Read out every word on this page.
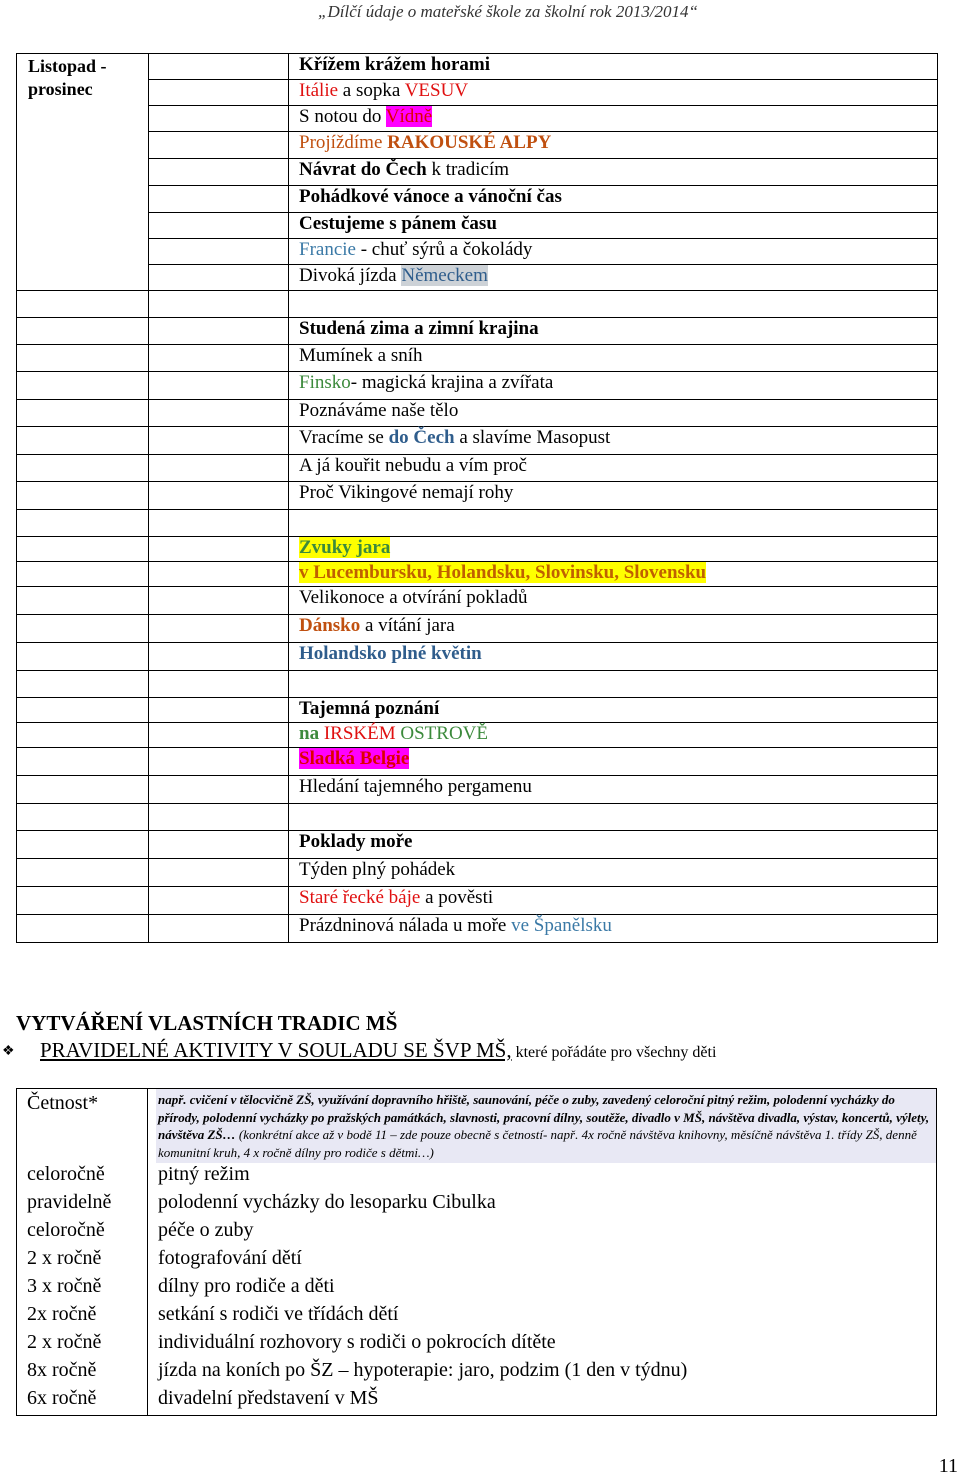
„Dílčí údaje o mateřské škole za školní rok 2013/2014“
Listopad -
prosinec		Křížem krážem horami
		Itálie a sopka VESUV
		S notou do Vídně
		Projíždíme RAKOUSKÉ ALPY
		Návrat do Čech k tradicím
		Pohádkové vánoce a vánoční čas
		Cestujeme s pánem času
		Francie - chuť sýrů a čokolády
		Divoká jízda Německem

		Studená zima a zimní krajina
		Mumínek a sníh
		Finsko- magická krajina a zvířata
		Poznáváme naše tělo
		Vracíme se do Čech a slavíme Masopust
		A já kouřit nebudu a vím proč
		Proč Vikingové nemají rohy

		Zvuky jara
		v Lucembursku, Holandsku, Slovinsku, Slovensku
		Velikonoce a otvírání pokladů
		Dánsko a vítání jara
		Holandsko plné květin

		Tajemná poznání
		na IRSKÉM OSTROVĚ
		Sladká Belgie
		Hledání tajemného pergamenu

		Poklady moře
		Týden plný pohádek
		Staré řecké báje a pověsti
		Prázdninová nálada u moře ve Španělsku
VYTVÁŘENÍ VLASTNÍCH TRADIC MŠ
❖ PRAVIDELNÉ AKTIVITY V SOULADU SE ŠVP MŠ, které pořádáte pro všechny děti
Četnost*	např. cvičení v tělocvičně ZŠ, využívání dopravního hřiště, saunování, péče o zuby, zavedený celoroční pitný režim, polodenní vycházky do přírody, polodenní vycházky po pražských památkách, slavnosti, pracovní dílny, soutěže, divadlo v MŠ, návštěva divadla, výstav, koncertů, výlety, návštěva ZŠ… (konkrétní akce až v bodě 11 – zde pouze obecně s četností- např. 4x ročně návštěva knihovny, měsíčně návštěva 1. třídy ZŠ, denně komunitní kruh, 4 x ročně dílny pro rodiče s dětmi…)

celoročně	pitný režim
pravidelně	polodenní vycházky do lesoparku Cibulka
celoročně	péče o zuby
2 x ročně	fotografování dětí
3 x ročně	dílny pro rodiče a děti
2x ročně	setkání s rodiči ve třídách dětí
2 x ročně	individuální rozhovory s rodiči o pokrocích dítěte
8x ročně	jízda na koních po ŠZ – hypoterapie: jaro, podzim (1 den v týdnu)
6x ročně	divadelní představení v MŠ
11
